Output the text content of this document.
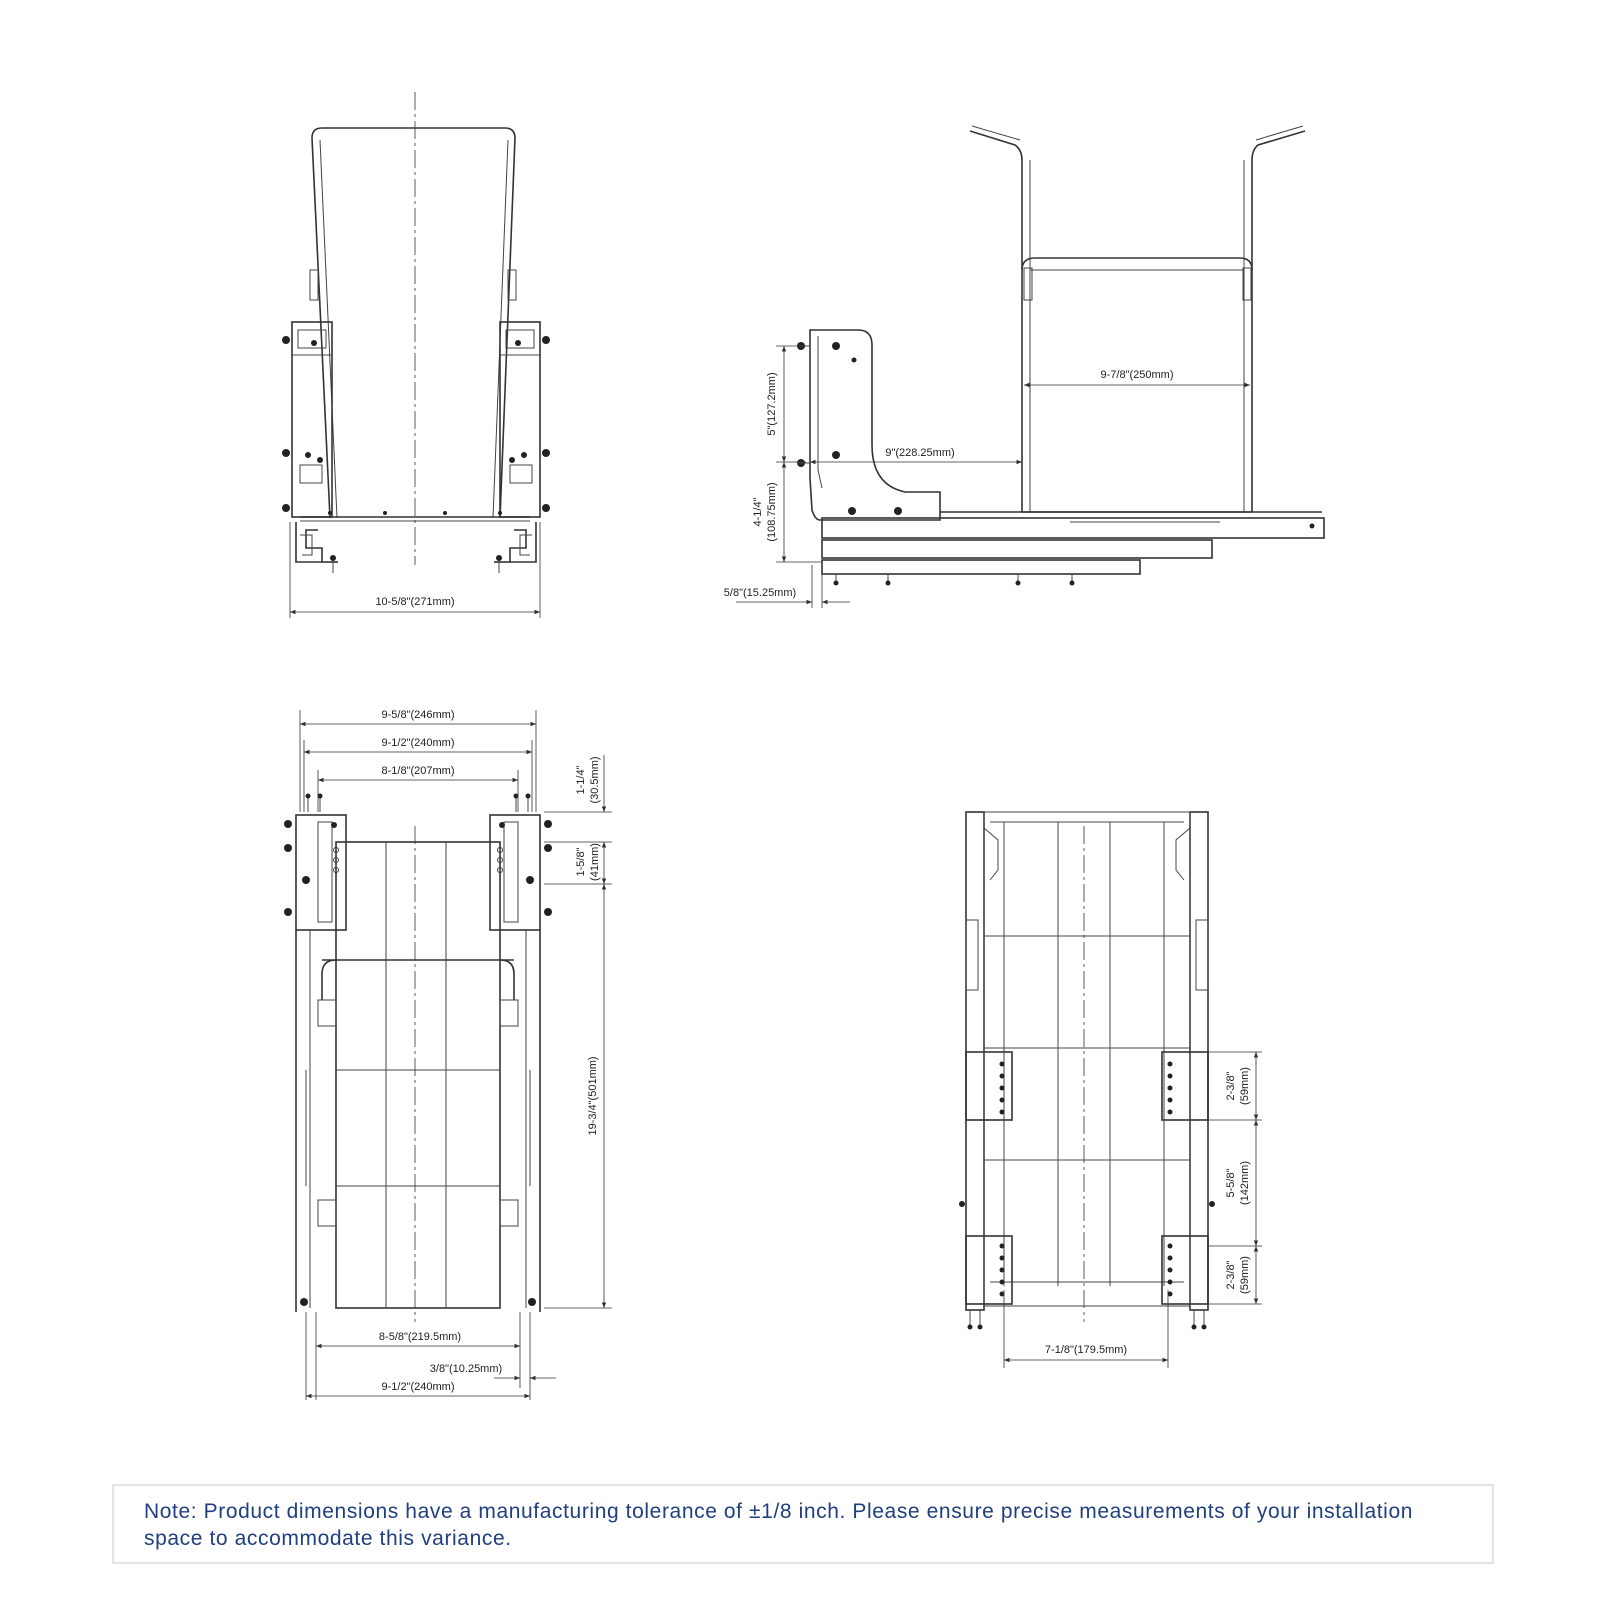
10-5/8"(271mm)
9-7/8"(250mm)
9"(228.25mm)
5"(127.2mm)
4-1/4" (108.75mm)
5/8"(15.25mm)
9-5/8"(246mm)
9-1/2"(240mm)
8-1/8"(207mm)	1-1/4" (30.5mm)
1-5/8" (41mm)
19-3/4"(501mm)
8-5/8"(219.5mm)
3/8"(10.25mm)
9-1/2"(240mm)
2-3/8" (59mm)
5-5/8" (142mm)
2-3/8" (59mm)
7-1/8"(179.5mm)

Note: Product dimensions have a manufacturing tolerance of ±1/8 inch. Please ensure precise measurements of your installation space to accommodate this variance.
